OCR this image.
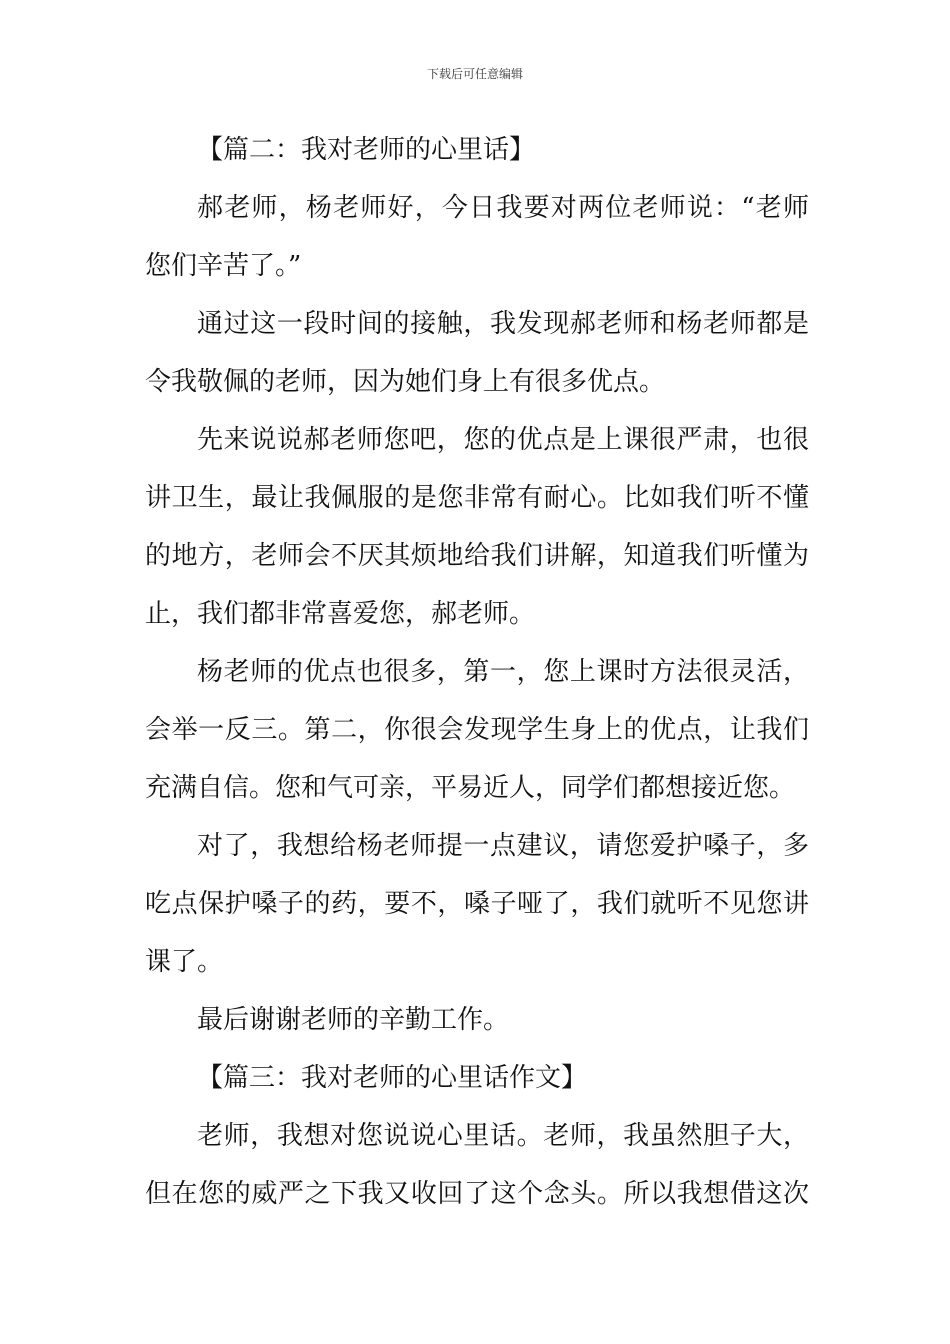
下载后可任意编辑
【篇二：我对老师的心里话】
郝老师，杨老师好，今日我要对两位老师说：“老师
您们辛苦了。”
通过这一段时间的接触，我发现郝老师和杨老师都是
令我敬佩的老师，因为她们身上有很多优点。
先来说说郝老师您吧，您的优点是上课很严肃，也很
讲卫生，最让我佩服的是您非常有耐心。比如我们听不懂
的地方，老师会不厌其烦地给我们讲解，知道我们听懂为
止，我们都非常喜爱您，郝老师。
杨老师的优点也很多，第一，您上课时方法很灵活，
会举一反三。第二，你很会发现学生身上的优点，让我们
充满自信。您和气可亲，平易近人，同学们都想接近您。
对了，我想给杨老师提一点建议，请您爱护嗓子，多
吃点保护嗓子的药，要不，嗓子哑了，我们就听不见您讲
课了。
最后谢谢老师的辛勤工作。
【篇三：我对老师的心里话作文】
老师，我想对您说说心里话。老师，我虽然胆子大，
但在您的威严之下我又收回了这个念头。所以我想借这次
